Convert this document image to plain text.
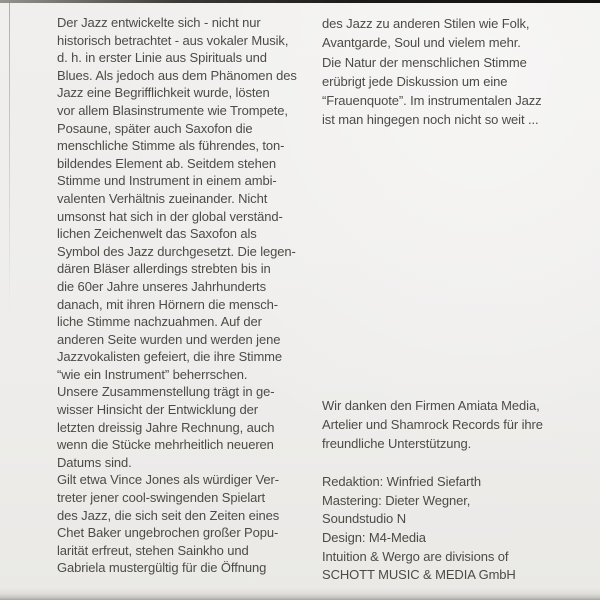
Der Jazz entwickelte sich - nicht nur
historisch betrachtet - aus vokaler Musik,
d. h. in erster Linie aus Spirituals und
Blues. Als jedoch aus dem Phänomen des
Jazz eine Begrifflichkeit wurde, lösten
vor allem Blasinstrumente wie Trompete,
Posaune, später auch Saxofon die
menschliche Stimme als führendes, ton-
bildendes Element ab. Seitdem stehen
Stimme und Instrument in einem ambi-
valenten Verhältnis zueinander. Nicht
umsonst hat sich in der global verständ-
lichen Zeichenwelt das Saxofon als
Symbol des Jazz durchgesetzt. Die legen-
dären Bläser allerdings strebten bis in
die 60er Jahre unseres Jahrhunderts
danach, mit ihren Hörnern die mensch-
liche Stimme nachzuahmen. Auf der
anderen Seite wurden und werden jene
Jazzvokalisten gefeiert, die ihre Stimme
“wie ein Instrument” beherrschen.
Unsere Zusammenstellung trägt in ge-
wisser Hinsicht der Entwicklung der
letzten dreissig Jahre Rechnung, auch
wenn die Stücke mehrheitlich neueren
Datums sind.
Gilt etwa Vince Jones als würdiger Ver-
treter jener cool-swingenden Spielart
des Jazz, die sich seit den Zeiten eines
Chet Baker ungebrochen großer Popu-
larität erfreut, stehen Sainkho und
Gabriela mustergültig für die Öffnung
des Jazz zu anderen Stilen wie Folk,
Avantgarde, Soul und vielem mehr.
Die Natur der menschlichen Stimme
erübrigt jede Diskussion um eine
“Frauenquote”. Im instrumentalen Jazz
ist man hingegen noch nicht so weit ...
Wir danken den Firmen Amiata Media,
Artelier und Shamrock Records für ihre
freundliche Unterstützung.
Redaktion: Winfried Siefarth
Mastering: Dieter Wegner,
Soundstudio N
Design: M4-Media
Intuition & Wergo are divisions of
SCHOTT MUSIC & MEDIA GmbH
